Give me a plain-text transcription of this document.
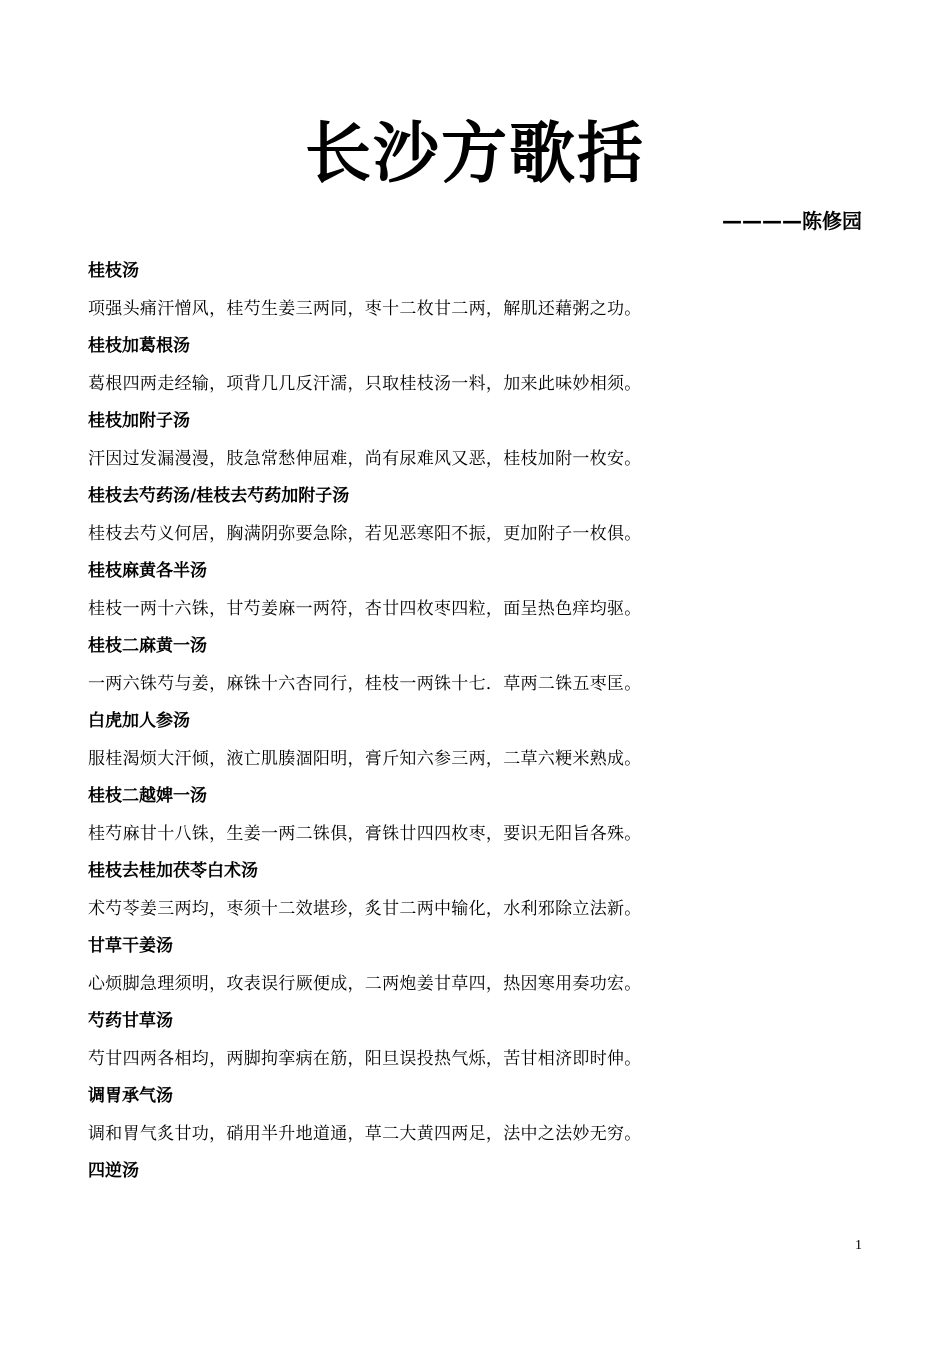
长沙方歌括
————陈修园
桂枝汤
项强头痛汗憎风，桂芍生姜三两同，枣十二枚甘二两，解肌还藉粥之功。
桂枝加葛根汤
葛根四两走经输，项背几几反汗濡，只取桂枝汤一料，加来此味妙相须。
桂枝加附子汤
汗因过发漏漫漫，肢急常愁伸屈难，尚有尿难风又恶，桂枝加附一枚安。
桂枝去芍药汤/桂枝去芍药加附子汤
桂枝去芍义何居，胸满阴弥要急除，若见恶寒阳不振，更加附子一枚俱。
桂枝麻黄各半汤
桂枝一两十六铢，甘芍姜麻一两符，杏廿四枚枣四粒，面呈热色痒均驱。
桂枝二麻黄一汤
一两六铢芍与姜，麻铢十六杏同行，桂枝一两铢十七．草两二铢五枣匡。
白虎加人参汤
服桂渴烦大汗倾，液亡肌腠涸阳明，膏斤知六参三两，二草六粳米熟成。
桂枝二越婢一汤
桂芍麻甘十八铢，生姜一两二铢俱，膏铢廿四四枚枣，要识无阳旨各殊。
桂枝去桂加茯苓白术汤
术芍苓姜三两均，枣须十二效堪珍，炙甘二两中输化，水利邪除立法新。
甘草干姜汤
心烦脚急理须明，攻表误行厥便成，二两炮姜甘草四，热因寒用奏功宏。
芍药甘草汤
芍甘四两各相均，两脚拘挛病在筋，阳旦误投热气烁，苦甘相济即时伸。
调胃承气汤
调和胃气炙甘功，硝用半升地道通，草二大黄四两足，法中之法妙无穷。
四逆汤
1
